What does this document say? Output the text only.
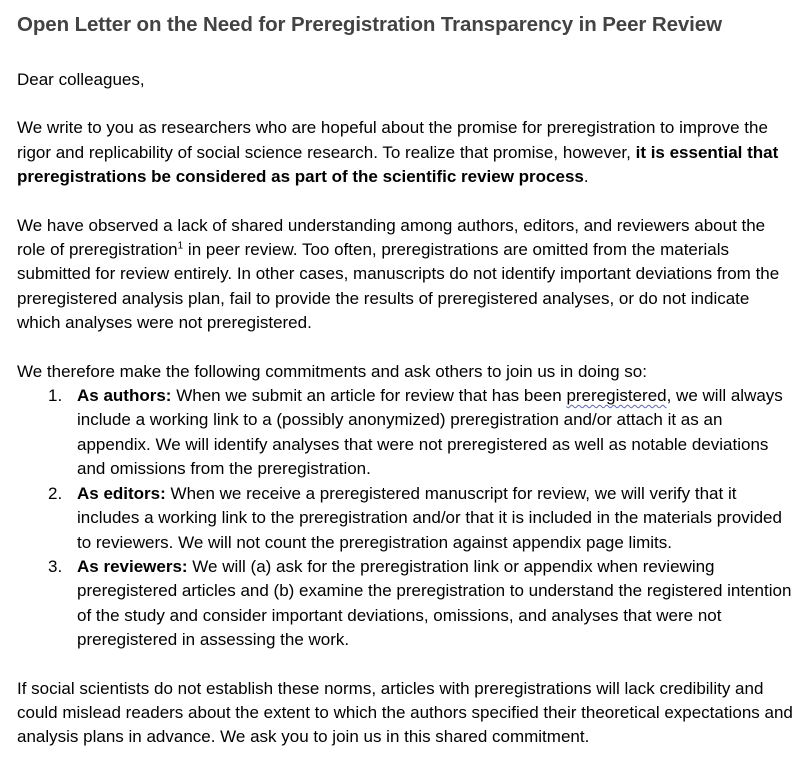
Open Letter on the Need for Preregistration Transparency in Peer Review

Dear colleagues,

We write to you as researchers who are hopeful about the promise for preregistration to improve the rigor and replicability of social science research. To realize that promise, however, it is essential that preregistrations be considered as part of the scientific review process.

We have observed a lack of shared understanding among authors, editors, and reviewers about the role of preregistration$^1$ in peer review. Too often, preregistrations are omitted from the materials submitted for review entirely. In other cases, manuscripts do not identify important deviations from the preregistered analysis plan, fail to provide the results of preregistered analyses, or do not indicate which analyses were not preregistered.

We therefore make the following commitments and ask others to join us in doing so:

1. As authors: When we submit an article for review that has been preregistered, we will always include a working link to a (possibly anonymized) preregistration and/or attach it as an appendix. We will identify analyses that were not preregistered as well as notable deviations and omissions from the preregistration.
2. As editors: When we receive a preregistered manuscript for review, we will verify that it includes a working link to the preregistration and/or that it is included in the materials provided to reviewers. We will not count the preregistration against appendix page limits.
3. As reviewers: We will (a) ask for the preregistration link or appendix when reviewing preregistered articles and (b) examine the preregistration to understand the registered intention of the study and consider important deviations, omissions, and analyses that were not preregistered in assessing the work.

If social scientists do not establish these norms, articles with preregistrations will lack credibility and could mislead readers about the extent to which the authors specified their theoretical expectations and analysis plans in advance. We ask you to join us in this shared commitment.
